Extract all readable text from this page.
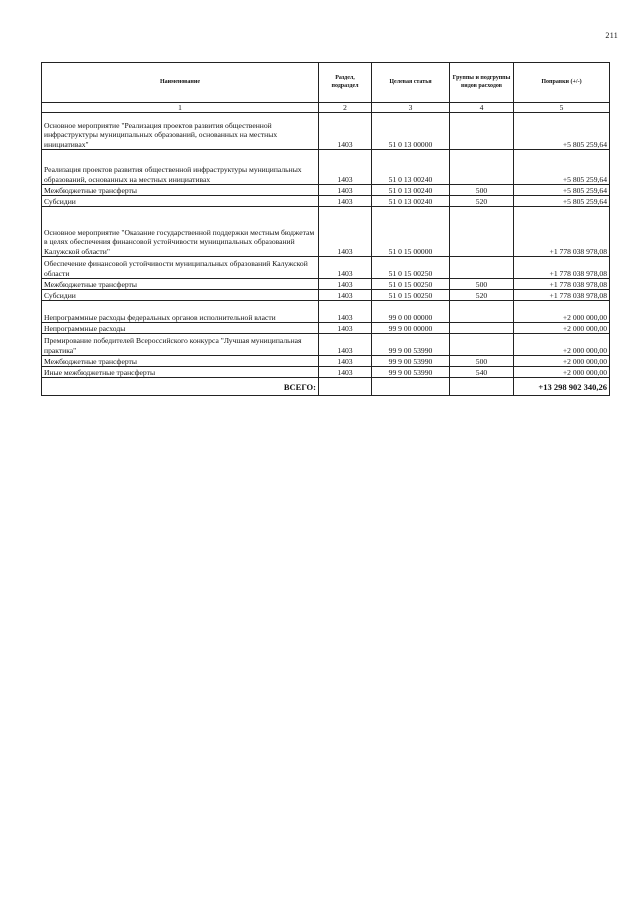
211
Наименование	Раздел, подраздел	Целевая статья	Группы и подгруппы видов расходов	Поправки (+/-)
1	2	3	4	5
Основное мероприятие "Реализация проектов развития общественной инфраструктуры муниципальных образований, основанных на местных инициативах"	1403	51 0 13 00000		+5 805 259,64
Реализация проектов развития общественной инфраструктуры муниципальных образований, основанных на местных инициативах	1403	51 0 13 00240		+5 805 259,64
Межбюджетные трансферты	1403	51 0 13 00240	500	+5 805 259,64
Субсидии	1403	51 0 13 00240	520	+5 805 259,64
Основное мероприятие "Оказание государственной поддержки местным бюджетам в целях обеспечения финансовой устойчивости муниципальных образований Калужской области"	1403	51 0 15 00000		+1 778 038 978,08
Обеспечение финансовой устойчивости муниципальных образований Калужской области	1403	51 0 15 00250		+1 778 038 978,08
Межбюджетные трансферты	1403	51 0 15 00250	500	+1 778 038 978,08
Субсидии	1403	51 0 15 00250	520	+1 778 038 978,08
Непрограммные расходы федеральных органов исполнительной власти	1403	99 0 00 00000		+2 000 000,00
Непрограммные расходы	1403	99 9 00 00000		+2 000 000,00
Премирование победителей Всероссийского конкурса "Лучшая муниципальная практика"	1403	99 9 00 53990		+2 000 000,00
Межбюджетные трансферты	1403	99 9 00 53990	500	+2 000 000,00
Иные межбюджетные трансферты	1403	99 9 00 53990	540	+2 000 000,00
ВСЕГО:				+13 298 902 340,26
